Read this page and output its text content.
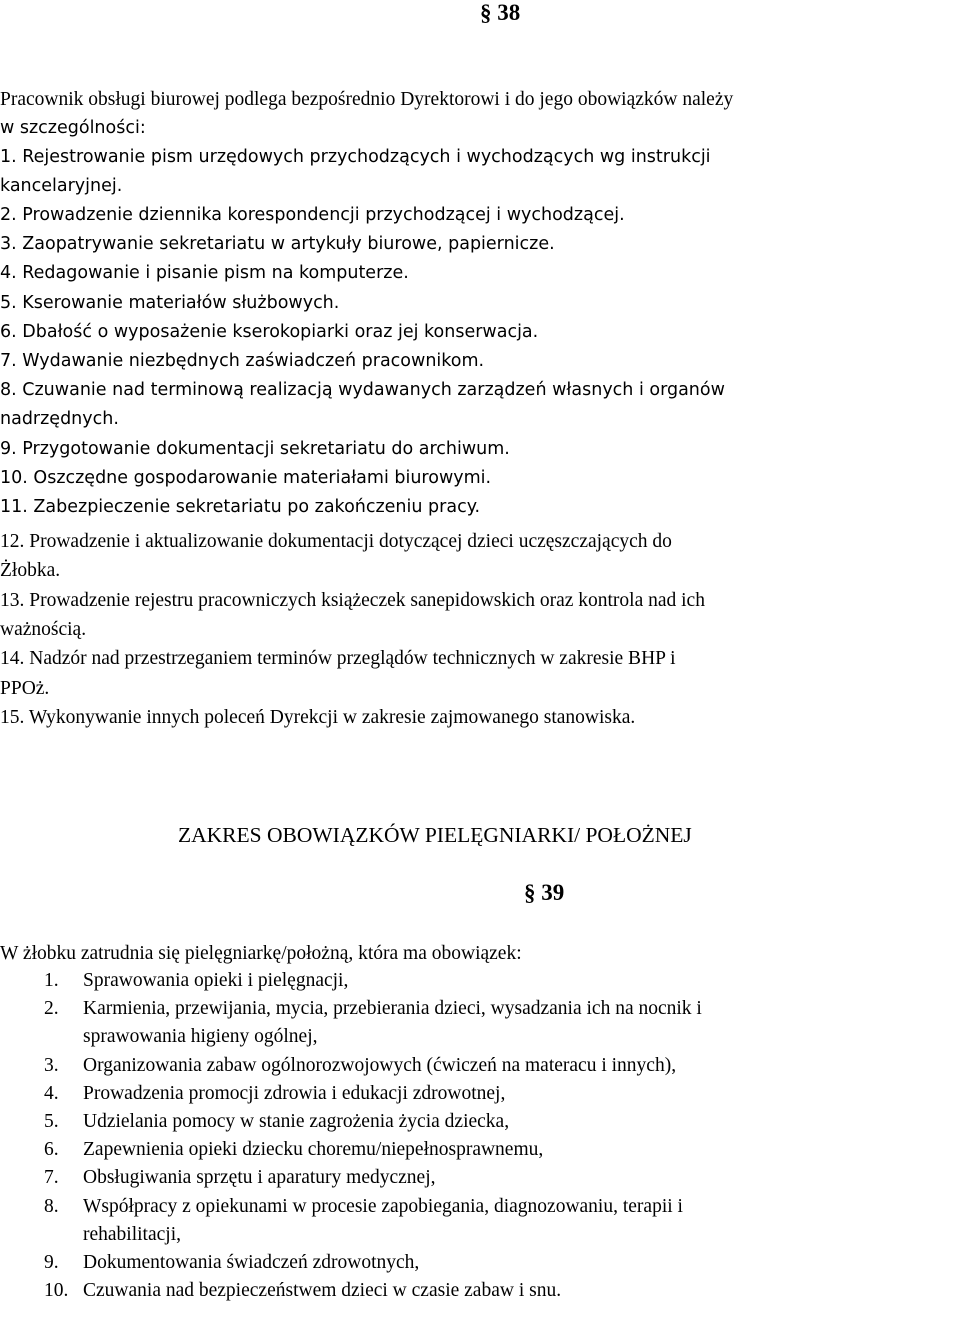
§ 38
Pracownik obsługi biurowej podlega bezpośrednio Dyrektorowi i do jego obowiązków należy
w szczególności:
1. Rejestrowanie pism urzędowych przychodzących i wychodzących wg instrukcji
kancelaryjnej.
2. Prowadzenie dziennika korespondencji przychodzącej i wychodzącej.
3. Zaopatrywanie sekretariatu w artykuły biurowe, papiernicze.
4. Redagowanie i pisanie pism na komputerze.
5. Kserowanie materiałów służbowych.
6. Dbałość o wyposażenie kserokopiarki oraz jej konserwacja.
7. Wydawanie niezbędnych zaświadczeń pracownikom.
8. Czuwanie nad terminową realizacją wydawanych zarządzeń własnych i organów
nadrzędnych.
9. Przygotowanie dokumentacji sekretariatu do archiwum.
10. Oszczędne gospodarowanie materiałami biurowymi.
11. Zabezpieczenie sekretariatu po zakończeniu pracy.
12. Prowadzenie i aktualizowanie dokumentacji dotyczącej dzieci uczęszczających do
Żłobka.
13. Prowadzenie rejestru pracowniczych książeczek sanepidowskich oraz kontrola nad ich
ważnością.
14. Nadzór nad przestrzeganiem terminów przeglądów technicznych w zakresie BHP i
PPOż.
15. Wykonywanie innych poleceń Dyrekcji w zakresie zajmowanego stanowiska.
ZAKRES OBOWIĄZKÓW PIELĘGNIARKI/ POŁOŻNEJ
§ 39
W żłobku zatrudnia się pielęgniarkę/położną, która ma obowiązek:
1. Sprawowania opieki i pielęgnacji,
2. Karmienia, przewijania, mycia, przebierania dzieci, wysadzania ich na nocnik i
sprawowania higieny ogólnej,
3. Organizowania zabaw ogólnorozwojowych (ćwiczeń na materacu i innych),
4. Prowadzenia promocji zdrowia i edukacji zdrowotnej,
5. Udzielania pomocy w stanie zagrożenia życia dziecka,
6. Zapewnienia opieki dziecku choremu/niepełnosprawnemu,
7. Obsługiwania sprzętu i aparatury medycznej,
8. Współpracy z opiekunami w procesie zapobiegania, diagnozowaniu, terapii i
rehabilitacji,
9. Dokumentowania świadczeń zdrowotnych,
10. Czuwania nad bezpieczeństwem dzieci w czasie zabaw i snu.
